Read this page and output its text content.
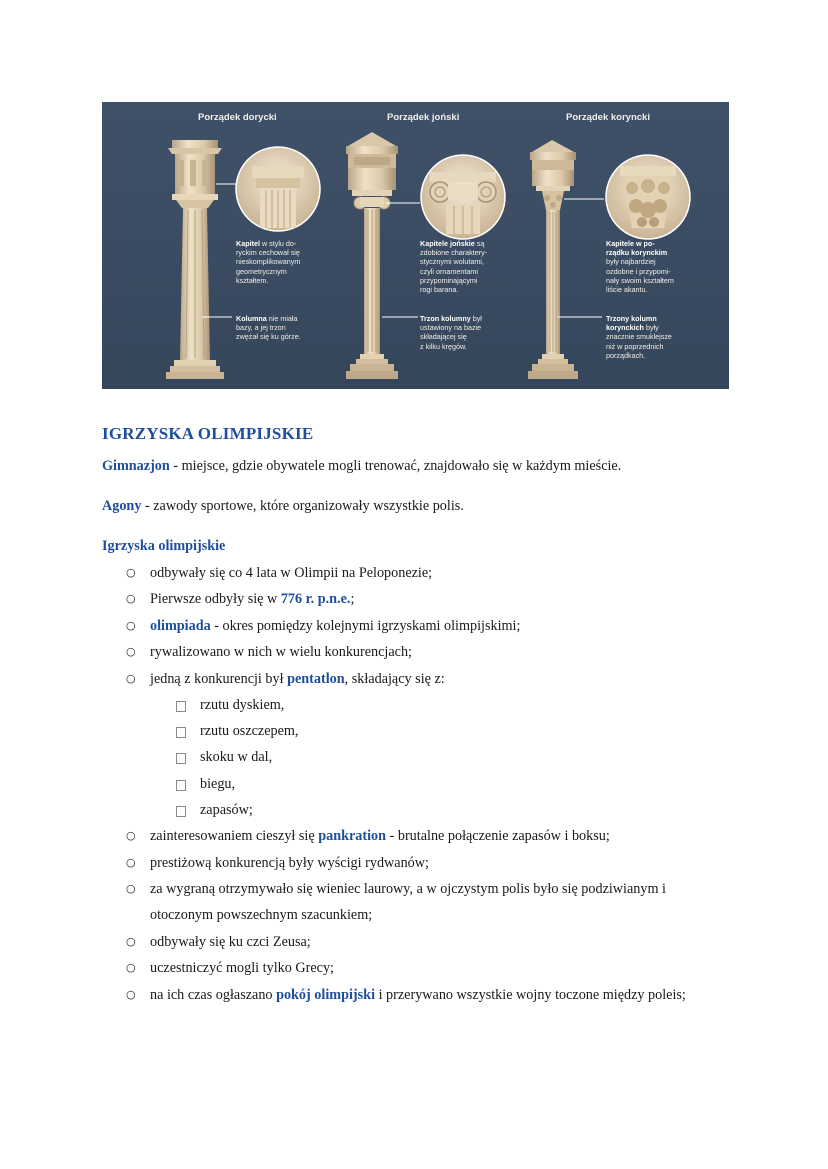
Porządek dorycki	Porządek joński	Porządek koryncki
Kapitel w stylu do-
ryckim cechował się
nieskomplikowanym
geometrycznym
kształtem.
Kolumna nie miała
bazy, a jej trzon
zwężał się ku górze.
Kapitele jońskie są
zdobione charaktery-
stycznymi wolutami,
czyli ornamentami
przypominającymi
rogi barana.
Trzon kolumny był
ustawiony na bazie
składającej się
z kilku kręgów.
Kapitele w po-
rządku korynckim
były najbardziej
ozdobne i przypomi-
nały swoim kształtem
liście akantu.
Trzony kolumn
korynckich były
znacznie smuklejsze
niż w poprzednich
porządkach.
IGRZYSKA OLIMPIJSKIE
Gimnazjon - miejsce, gdzie obywatele mogli trenować, znajdowało się w każdym mieście.
Agony - zawody sportowe, które organizowały wszystkie polis.
Igrzyska olimpijskie
○ odbywały się co 4 lata w Olimpii na Peloponezie;
○ Pierwsze odbyły się w 776 r. p.n.e.;
○ olimpiada - okres pomiędzy kolejnymi igrzyskami olimpijskimi;
○ rywalizowano w nich w wielu konkurencjach;
○ jedną z konkurencji był pentatlon, składający się z:
rzutu dyskiem,
rzutu oszczepem,
skoku w dal,
biegu,
zapasów;
○ zainteresowaniem cieszył się pankration - brutalne połączenie zapasów i boksu;
○ prestiżową konkurencją były wyścigi rydwanów;
○ za wygraną otrzymywało się wieniec laurowy, a w ojczystym polis było się podziwianym i
otoczonym powszechnym szacunkiem;
○ odbywały się ku czci Zeusa;
○ uczestniczyć mogli tylko Grecy;
○ na ich czas ogłaszano pokój olimpijski i przerywano wszystkie wojny toczone między poleis;
